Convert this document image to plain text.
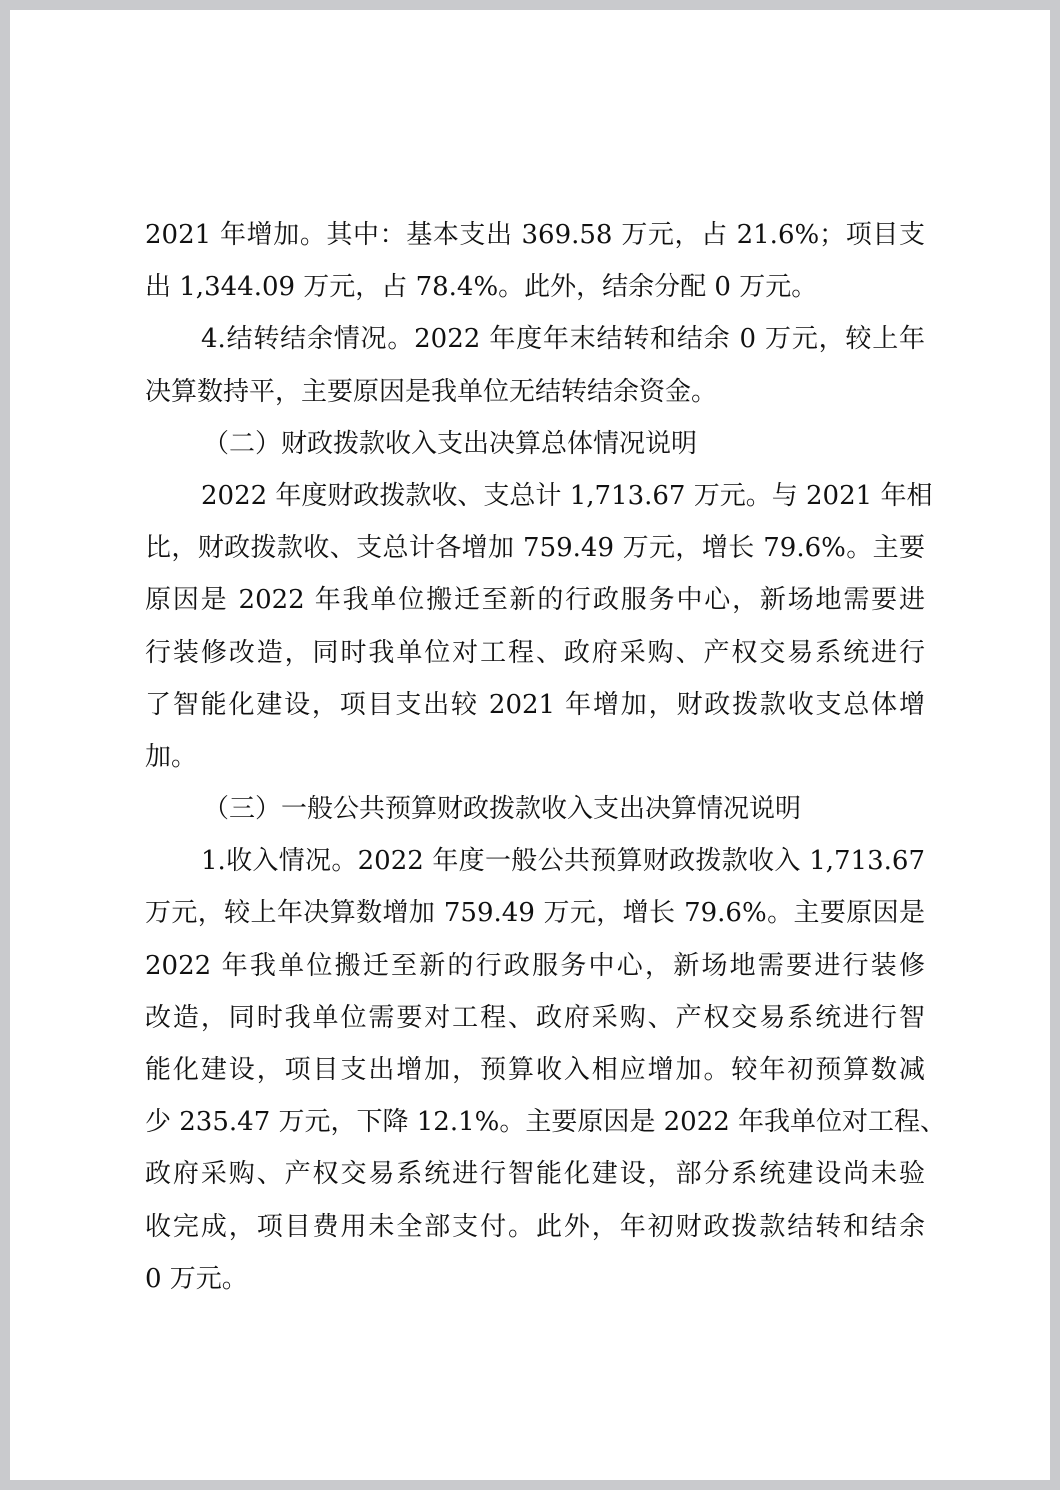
2021 年增加。其中：基本支出 369.58 万元，占 21.6%；项目支
出 1,344.09 万元，占 78.4%。此外，结余分配 0 万元。
4.结转结余情况。2022 年度年末结转和结余 0 万元，较上年
决算数持平，主要原因是我单位无结转结余资金。
（二）财政拨款收入支出决算总体情况说明
2022 年度财政拨款收、支总计 1,713.67 万元。与 2021 年相
比，财政拨款收、支总计各增加 759.49 万元，增长 79.6%。主要
原因是 2022 年我单位搬迁至新的行政服务中心，新场地需要进
行装修改造，同时我单位对工程、政府采购、产权交易系统进行
了智能化建设，项目支出较 2021 年增加，财政拨款收支总体增
加。
（三）一般公共预算财政拨款收入支出决算情况说明
1.收入情况。2022 年度一般公共预算财政拨款收入 1,713.67
万元，较上年决算数增加 759.49 万元，增长 79.6%。主要原因是
2022 年我单位搬迁至新的行政服务中心，新场地需要进行装修
改造，同时我单位需要对工程、政府采购、产权交易系统进行智
能化建设，项目支出增加，预算收入相应增加。较年初预算数减
少 235.47 万元，下降 12.1%。主要原因是 2022 年我单位对工程、
政府采购、产权交易系统进行智能化建设，部分系统建设尚未验
收完成，项目费用未全部支付。此外，年初财政拨款结转和结余
0 万元。
